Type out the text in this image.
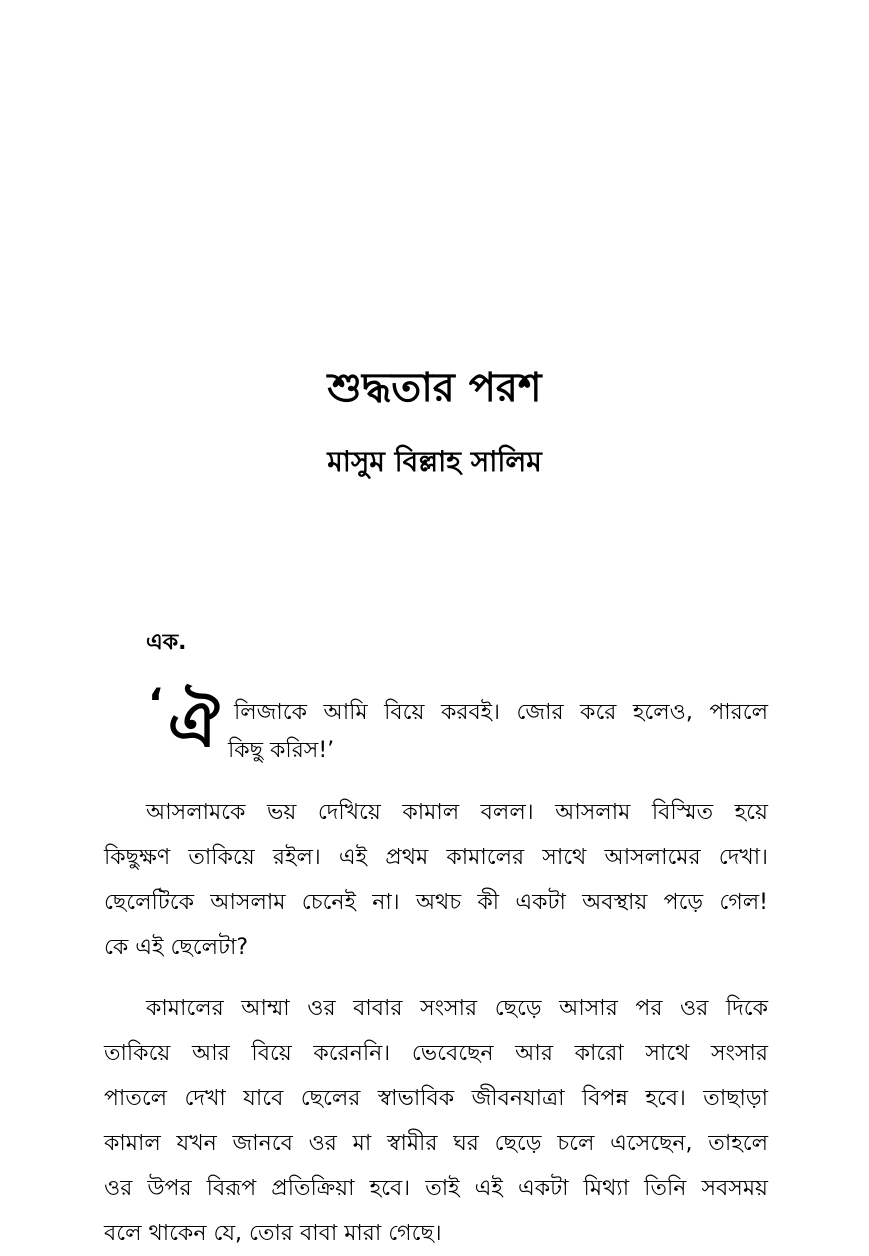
শুদ্ধতার পরশ
মাসুম বিল্লাহ সালিম
এক.
‘ ঐ লিজাকে আমি বিয়ে করবই। জোর করে হলেও, পারলে
কিছু করিস!’
আসলামকে ভয় দেখিয়ে কামাল বলল। আসলাম বিস্মিত হয়ে
কিছুক্ষণ তাকিয়ে রইল। এই প্রথম কামালের সাথে আসলামের দেখা।
ছেলেটিকে আসলাম চেনেই না। অথচ কী একটা অবস্থায় পড়ে গেল!
কে এই ছেলেটা?
কামালের আম্মা ওর বাবার সংসার ছেড়ে আসার পর ওর দিকে
তাকিয়ে আর বিয়ে করেননি। ভেবেছেন আর কারো সাথে সংসার
পাতলে দেখা যাবে ছেলের স্বাভাবিক জীবনযাত্রা বিপন্ন হবে। তাছাড়া
কামাল যখন জানবে ওর মা স্বামীর ঘর ছেড়ে চলে এসেছেন, তাহলে
ওর উপর বিরূপ প্রতিক্রিয়া হবে। তাই এই একটা মিথ্যা তিনি সবসময়
বলে থাকেন যে, তোর বাবা মারা গেছে।
